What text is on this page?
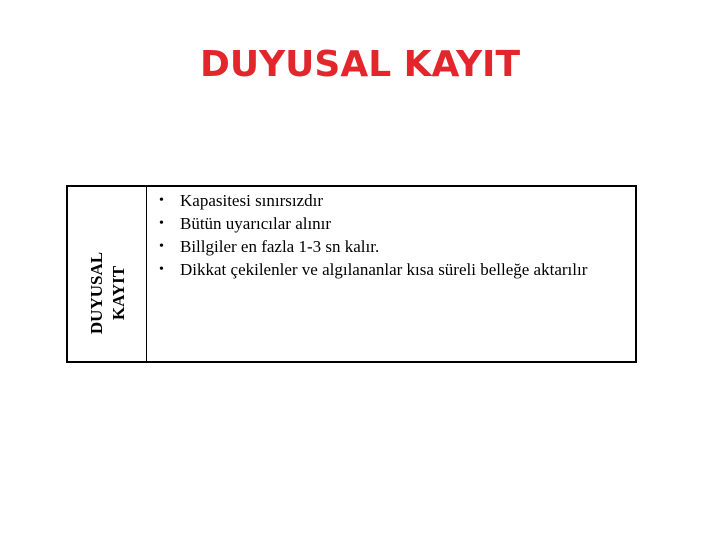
DUYUSAL KAYIT
DUYUSAL KAYIT
• Kapasitesi sınırsızdır
• Bütün uyarıcılar alınır
• Billgiler en fazla 1-3 sn kalır.
• Dikkat çekilenler ve algılananlar kısa süreli belleğe aktarılır
